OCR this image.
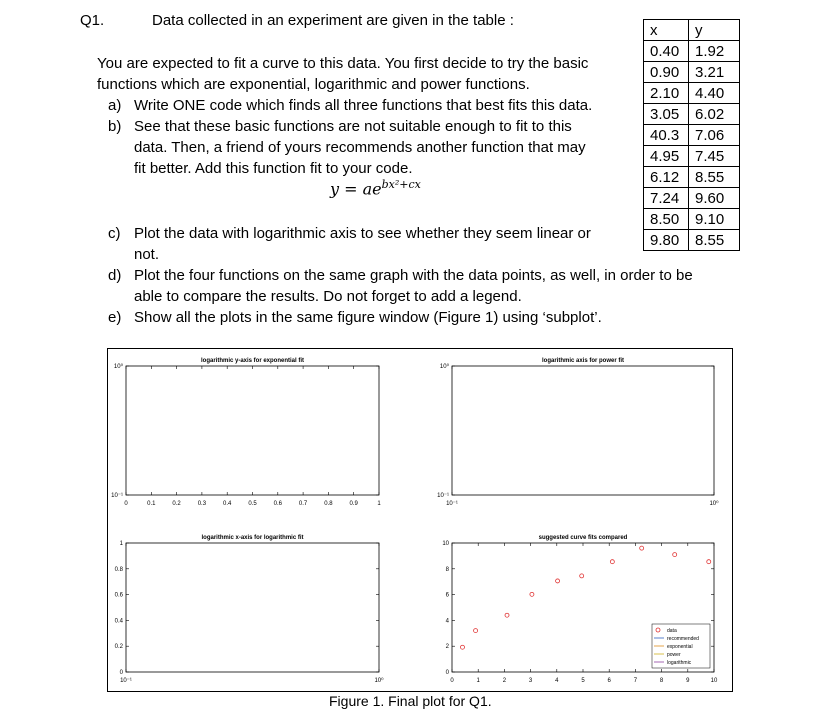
Q1.	Data collected in an experiment are given in the table :
You are expected to fit a curve to this data. You first decide to try the basic
functions which are exponential, logarithmic and power functions.
a) Write ONE code which finds all three functions that best fits this data.
b) See that these basic functions are not suitable enough to fit to this
data. Then, a friend of yours recommends another function that may
fit better. Add this function fit to your code.
$y = ae^{bx^2+cx}$
c) Plot the data with logarithmic axis to see whether they seem linear or
not.
d) Plot the four functions on the same graph with the data points, as well, in order to be
able to compare the results. Do not forget to add a legend.
e) Show all the plots in the same figure window (Figure 1) using ‘subplot’.
x	y
0.40	1.92
0.90	3.21
2.10	4.40
3.05	6.02
40.3	7.06
4.95	7.45
6.12	8.55
7.24	9.60
8.50	9.10
9.80	8.55
logarithmic y-axis for exponential fit
0	0.1	0.2	0.3	0.4	0.5	0.6	0.7	0.8	0.9	1
10⁰
10⁻¹
logarithmic axis for power fit
10⁻¹	10⁰
10⁰
10⁻¹
logarithmic x-axis for logarithmic fit
10⁻¹	10⁰
1
0.8
0.6
0.4
0.2
0
suggested curve fits compared
0	1	2	3	4	5	6	7	8	9	10
10
8
6
4
2
0
data
recommended
exponential
power
logarithmic
Figure 1. Final plot for Q1.
